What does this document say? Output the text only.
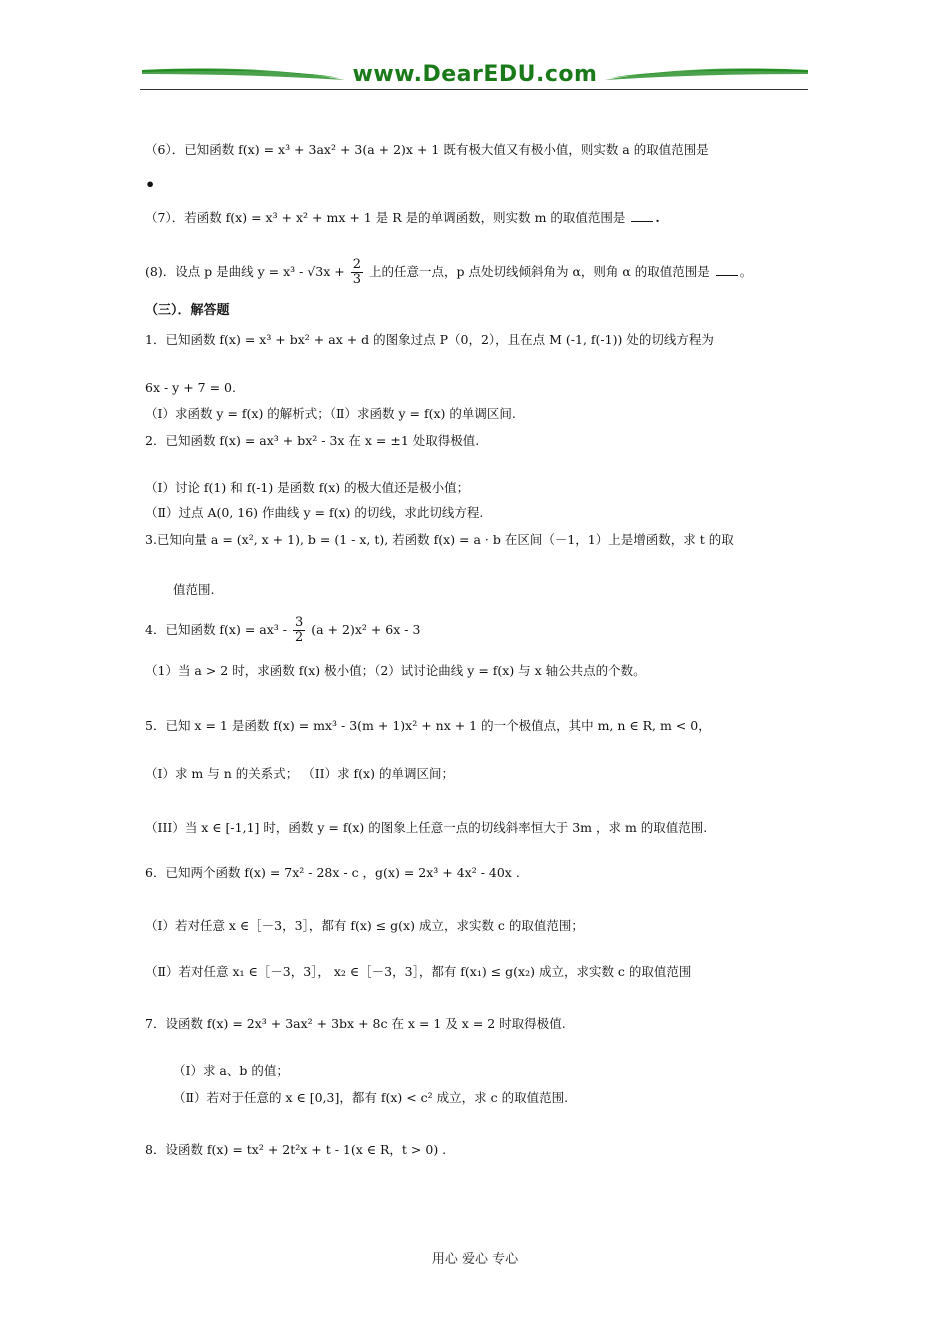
www.DearEDU.com
（6）．已知函数 f(x) = x³ + 3ax² + 3(a + 2)x + 1 既有极大值又有极小值，则实数 a 的取值范围是
•
（7）．若函数 f(x) = x³ + x² + mx + 1 是 R 是的单调函数，则实数 m 的取值范围是 .
(8)．设点 p 是曲线 $y = x^3 - √3x + \frac{2}{3}$ 上的任意一点，p 点处切线倾斜角为 α，则角 α 的取值范围是 。
（三）．解答题
1．已知函数 f(x) = x³ + bx² + ax + d 的图象过点 P（0，2），且在点 M (-1, f(-1)) 处的切线方程为
6x - y + 7 = 0.
（Ⅰ）求函数 y = f(x) 的解析式；（Ⅱ）求函数 y = f(x) 的单调区间.
2．已知函数 f(x) = ax³ + bx² - 3x 在 x = ±1 处取得极值.
（Ⅰ）讨论 f(1) 和 f(-1) 是函数 f(x) 的极大值还是极小值；
（Ⅱ）过点 A(0, 16) 作曲线 y = f(x) 的切线，求此切线方程.
3.已知向量 a = (x², x + 1), b = (1 - x, t), 若函数 f(x) = a · b 在区间（－1，1）上是增函数，求 t 的取
值范围.
4．已知函数 $f(x) = ax^3 - \frac{3}{2} (a + 2)x^2 + 6x - 3$
（1）当 a > 2 时，求函数 f(x) 极小值；（2）试讨论曲线 y = f(x) 与 x 轴公共点的个数。
5．已知 x = 1 是函数 f(x) = mx³ - 3(m + 1)x² + nx + 1 的一个极值点，其中 m, n ∈ R, m < 0，
（I）求 m 与 n 的关系式； （II）求 f(x) 的单调区间；
（III）当 x ∈ [-1,1] 时，函数 y = f(x) 的图象上任意一点的切线斜率恒大于 3m ，求 m 的取值范围.
6．已知两个函数 f(x) = 7x² - 28x - c ，g(x) = 2x³ + 4x² - 40x .
（Ⅰ）若对任意 x ∈［－3，3］，都有 f(x) ≤ g(x) 成立，求实数 c 的取值范围；
（Ⅱ）若对任意 x₁ ∈［－3，3］， x₂ ∈［－3，3］，都有 f(x₁) ≤ g(x₂) 成立，求实数 c 的取值范围
7．设函数 f(x) = 2x³ + 3ax² + 3bx + 8c 在 x = 1 及 x = 2 时取得极值.
（Ⅰ）求 a、b 的值；
（Ⅱ）若对于任意的 x ∈ [0,3]，都有 f(x) < c² 成立，求 c 的取值范围.
8．设函数 f(x) = tx² + 2t²x + t - 1(x ∈ R，t > 0) .
用心 爱心 专心
